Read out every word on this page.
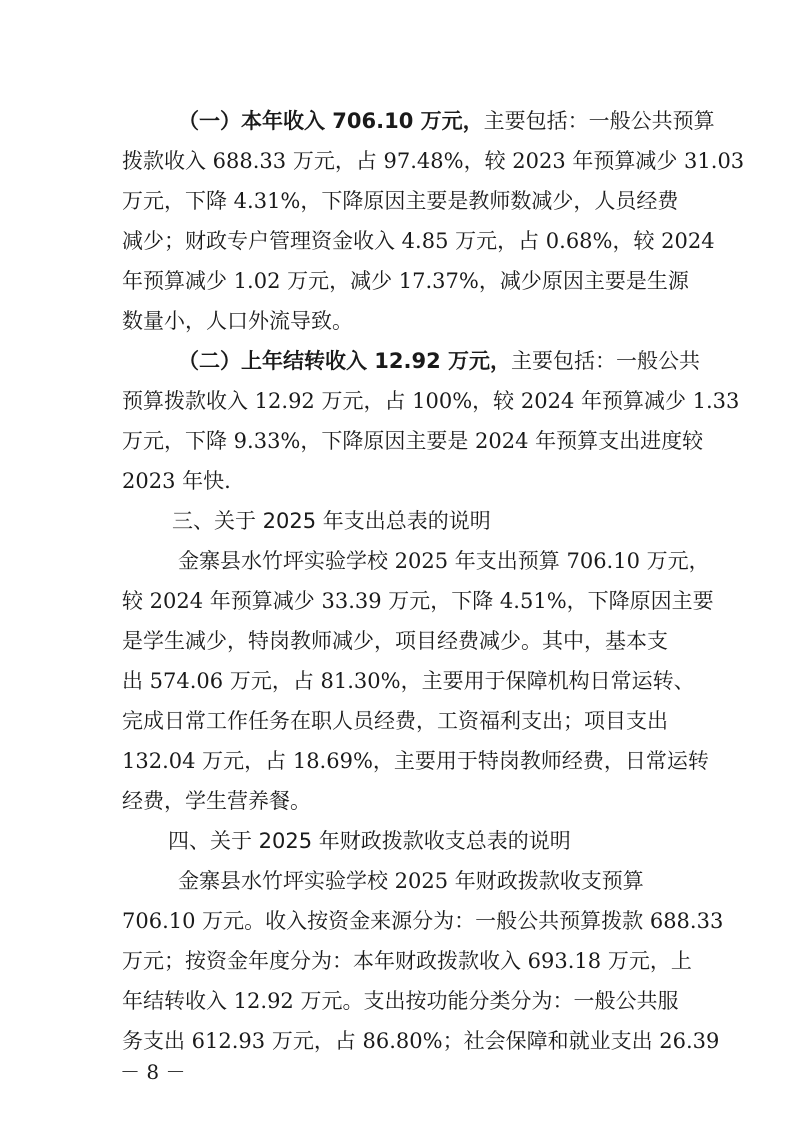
（一）本年收入 706.10 万元，主要包括：一般公共预算
拨款收入 688.33 万元，占 97.48%，较 2023 年预算减少 31.03
万元，下降 4.31%，下降原因主要是教师数减少，人员经费
减少；财政专户管理资金收入 4.85 万元，占 0.68%，较 2024
年预算减少 1.02 万元，减少 17.37%，减少原因主要是生源
数量小，人口外流导致。
（二）上年结转收入 12.92 万元，主要包括：一般公共
预算拨款收入 12.92 万元，占 100%，较 2024 年预算减少 1.33
万元，下降 9.33%，下降原因主要是 2024 年预算支出进度较
2023 年快.
三、关于 2025 年支出总表的说明
金寨县水竹坪实验学校 2025 年支出预算 706.10 万元，
较 2024 年预算减少 33.39 万元，下降 4.51%，下降原因主要
是学生减少，特岗教师减少，项目经费减少。其中，基本支
出 574.06 万元，占 81.30%，主要用于保障机构日常运转、
完成日常工作任务在职人员经费，工资福利支出；项目支出
132.04 万元，占 18.69%，主要用于特岗教师经费，日常运转
经费，学生营养餐。
四、关于 2025 年财政拨款收支总表的说明
金寨县水竹坪实验学校 2025 年财政拨款收支预算
706.10 万元。收入按资金来源分为：一般公共预算拨款 688.33
万元；按资金年度分为：本年财政拨款收入 693.18 万元，上
年结转收入 12.92 万元。支出按功能分类分为：一般公共服
务支出 612.93 万元，占 86.80%；社会保障和就业支出 26.39
－ 8 －
